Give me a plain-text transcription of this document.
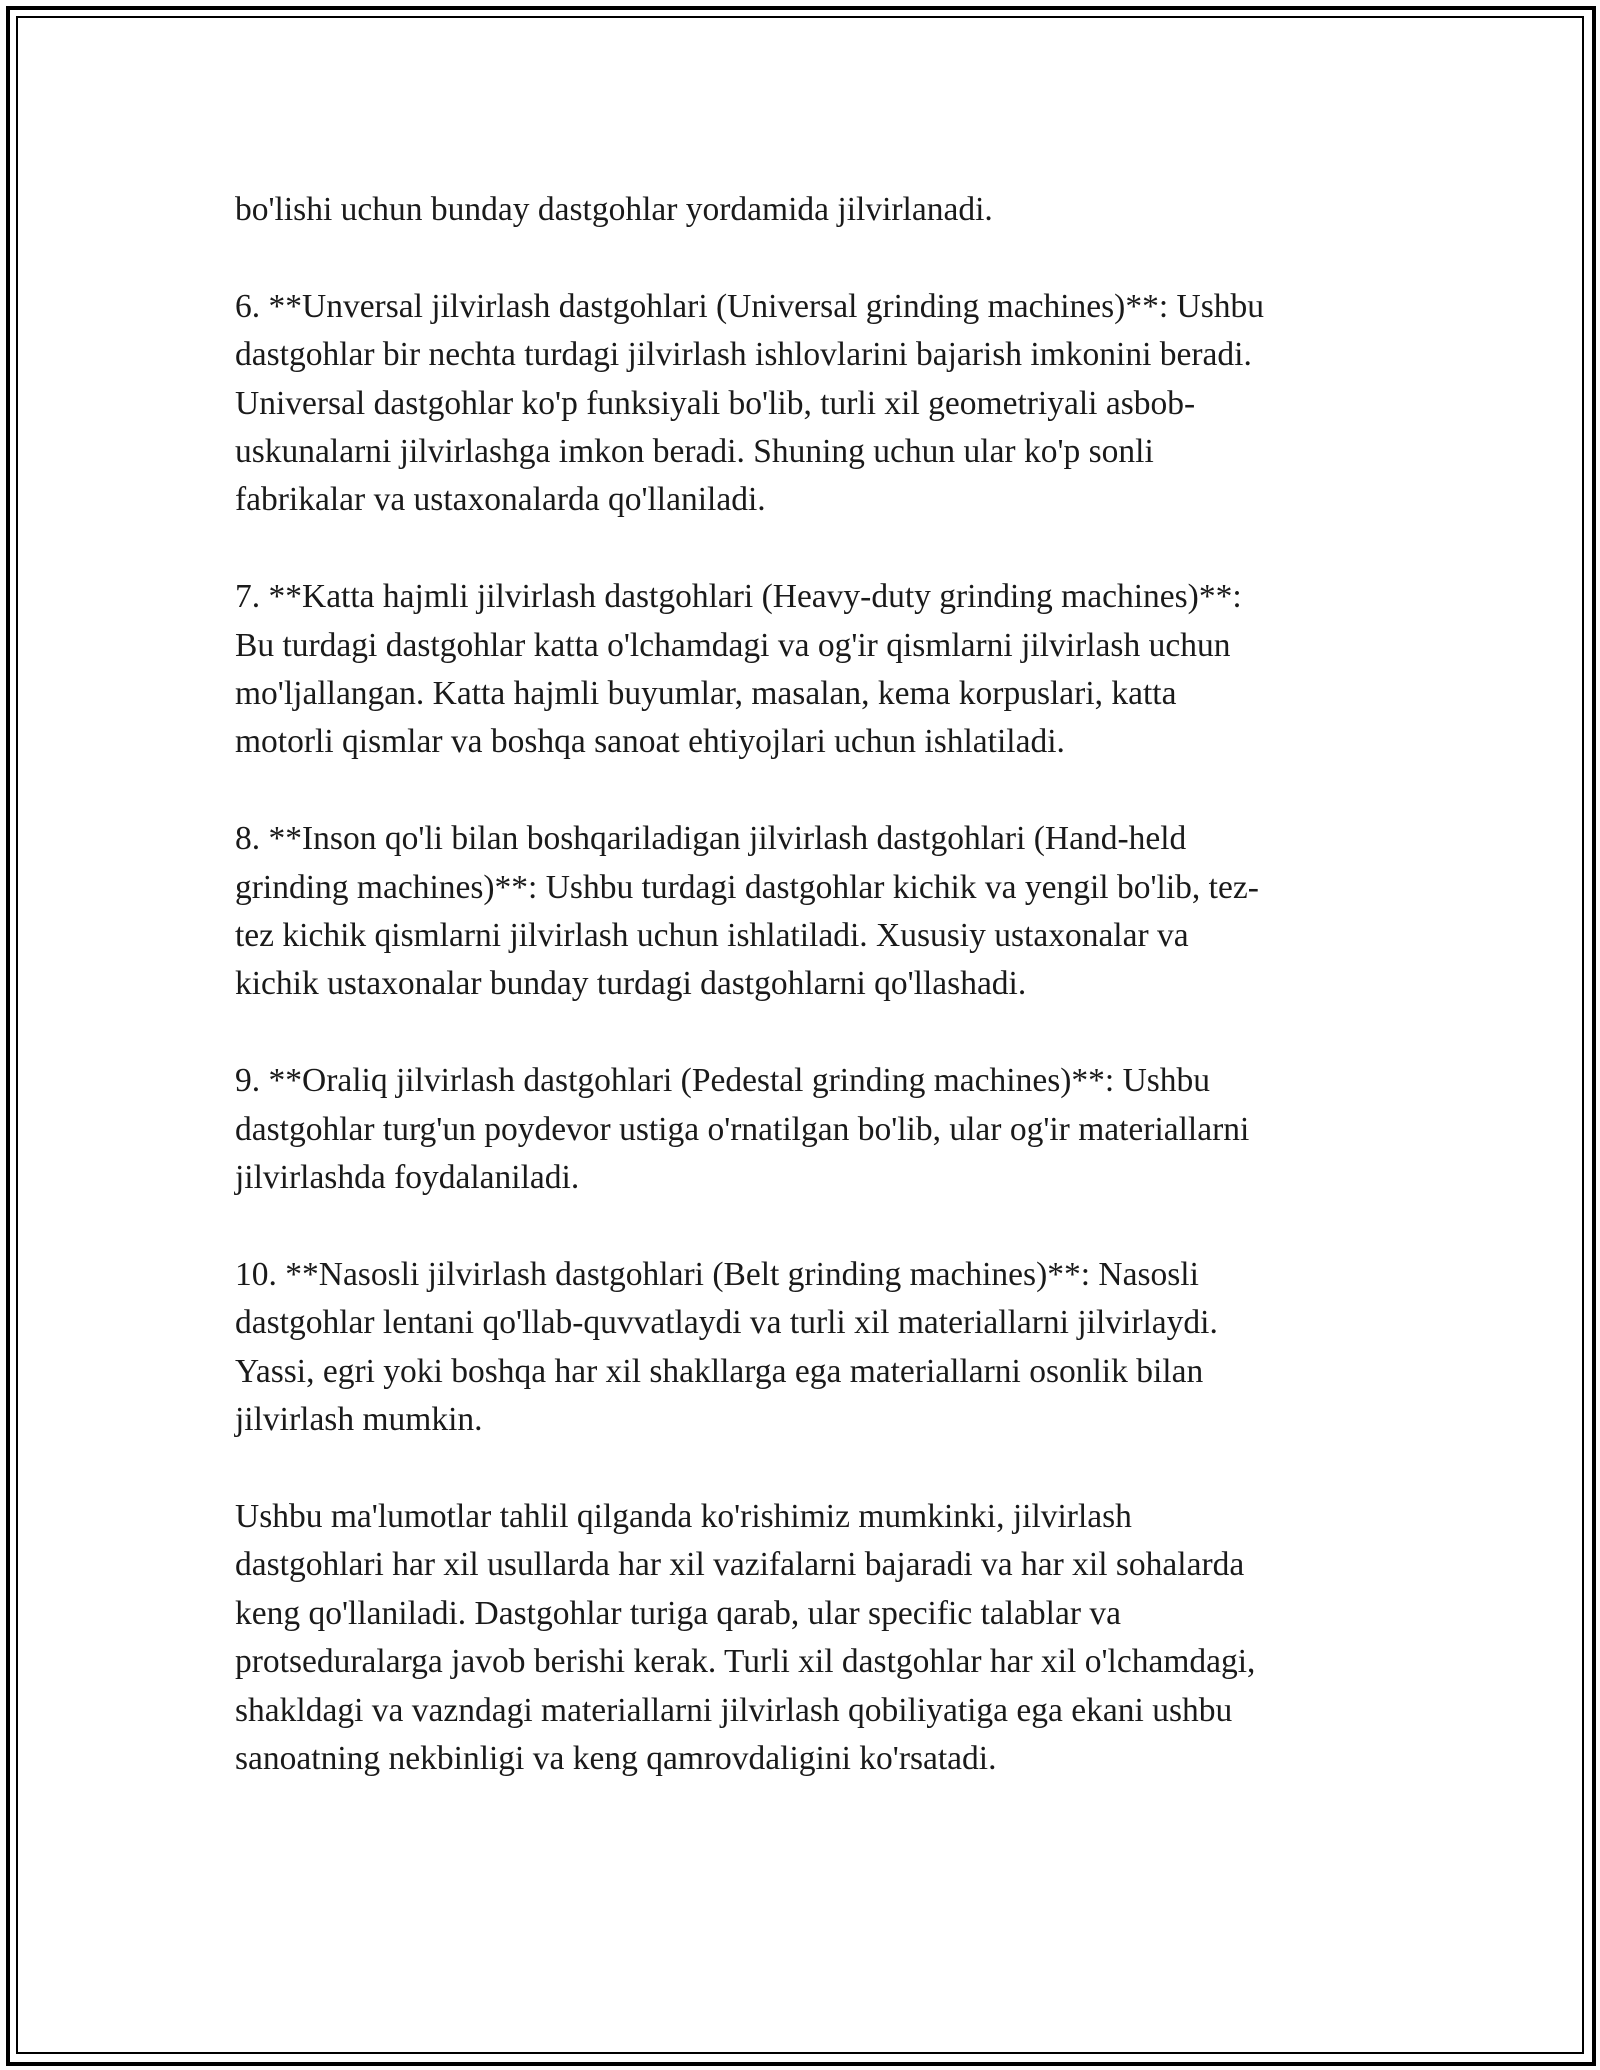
bo'lishi uchun bunday dastgohlar yordamida jilvirlanadi.

6. **Unversal jilvirlash dastgohlari (Universal grinding machines)**: Ushbu
dastgohlar bir nechta turdagi jilvirlash ishlovlarini bajarish imkonini beradi.
Universal dastgohlar ko'p funksiyali bo'lib, turli xil geometriyali asbob-
uskunalarni jilvirlashga imkon beradi. Shuning uchun ular ko'p sonli
fabrikalar va ustaxonalarda qo'llaniladi.

7. **Katta hajmli jilvirlash dastgohlari (Heavy-duty grinding machines)**:
Bu turdagi dastgohlar katta o'lchamdagi va og'ir qismlarni jilvirlash uchun
mo'ljallangan. Katta hajmli buyumlar, masalan, kema korpuslari, katta
motorli qismlar va boshqa sanoat ehtiyojlari uchun ishlatiladi.

8. **Inson qo'li bilan boshqariladigan jilvirlash dastgohlari (Hand-held
grinding machines)**: Ushbu turdagi dastgohlar kichik va yengil bo'lib, tez-
tez kichik qismlarni jilvirlash uchun ishlatiladi. Xususiy ustaxonalar va
kichik ustaxonalar bunday turdagi dastgohlarni qo'llashadi.

9. **Oraliq jilvirlash dastgohlari (Pedestal grinding machines)**: Ushbu
dastgohlar turg'un poydevor ustiga o'rnatilgan bo'lib, ular og'ir materiallarni
jilvirlashda foydalaniladi.

10. **Nasosli jilvirlash dastgohlari (Belt grinding machines)**: Nasosli
dastgohlar lentani qo'llab-quvvatlaydi va turli xil materiallarni jilvirlaydi.
Yassi, egri yoki boshqa har xil shakllarga ega materiallarni osonlik bilan
jilvirlash mumkin.

Ushbu ma'lumotlar tahlil qilganda ko'rishimiz mumkinki, jilvirlash
dastgohlari har xil usullarda har xil vazifalarni bajaradi va har xil sohalarda
keng qo'llaniladi. Dastgohlar turiga qarab, ular specific talablar va
protseduralarga javob berishi kerak. Turli xil dastgohlar har xil o'lchamdagi,
shakldagi va vazndagi materiallarni jilvirlash qobiliyatiga ega ekani ushbu
sanoatning nekbinligi va keng qamrovdaligini ko'rsatadi.
